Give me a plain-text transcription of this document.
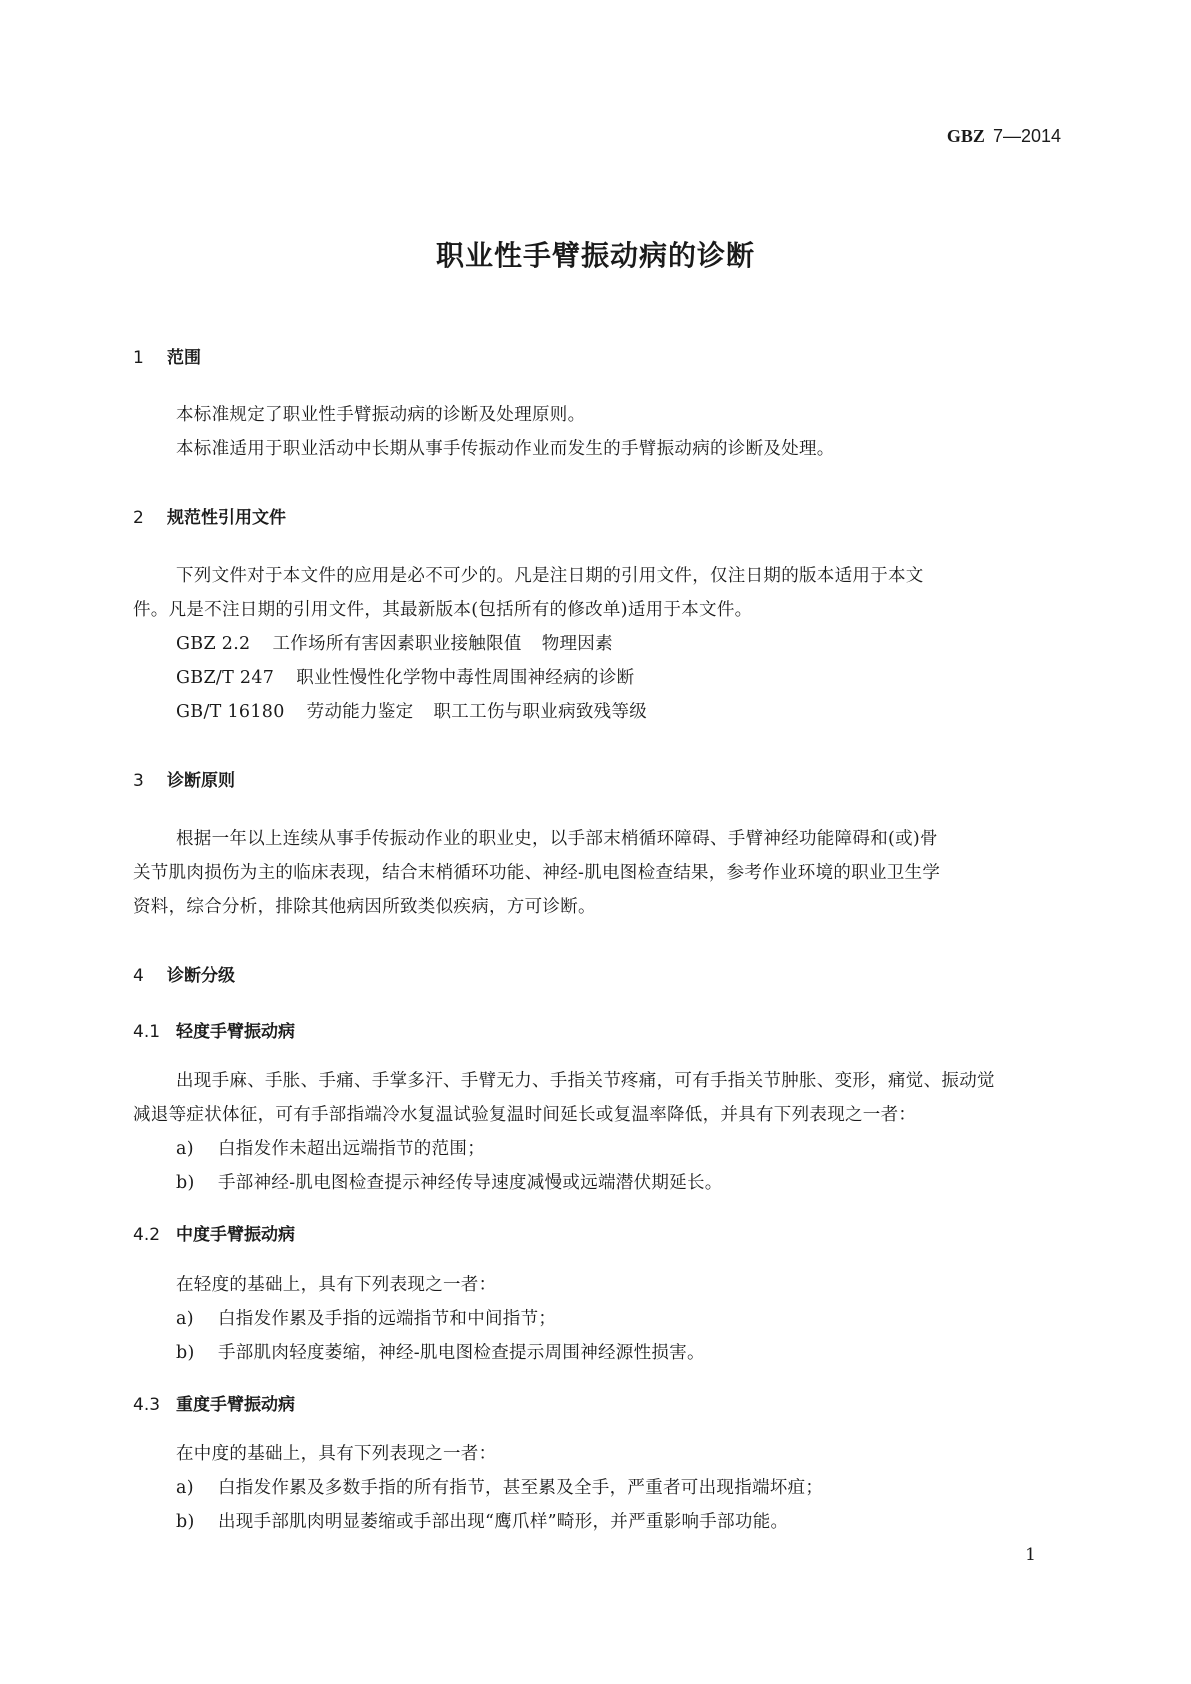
GBZ 7—2014
职业性手臂振动病的诊断
1 范围
本标准规定了职业性手臂振动病的诊断及处理原则。
本标准适用于职业活动中长期从事手传振动作业而发生的手臂振动病的诊断及处理。
2 规范性引用文件
下列文件对于本文件的应用是必不可少的。凡是注日期的引用文件，仅注日期的版本适用于本文
件。凡是不注日期的引用文件，其最新版本(包括所有的修改单)适用于本文件。
GBZ 2.2 工作场所有害因素职业接触限值 物理因素
GBZ/T 247 职业性慢性化学物中毒性周围神经病的诊断
GB/T 16180 劳动能力鉴定 职工工伤与职业病致残等级
3 诊断原则
根据一年以上连续从事手传振动作业的职业史，以手部末梢循环障碍、手臂神经功能障碍和(或)骨
关节肌肉损伤为主的临床表现，结合末梢循环功能、神经-肌电图检查结果，参考作业环境的职业卫生学
资料，综合分析，排除其他病因所致类似疾病，方可诊断。
4 诊断分级
4.1 轻度手臂振动病
出现手麻、手胀、手痛、手掌多汗、手臂无力、手指关节疼痛，可有手指关节肿胀、变形，痛觉、振动觉
减退等症状体征，可有手部指端冷水复温试验复温时间延长或复温率降低，并具有下列表现之一者：
a) 白指发作未超出远端指节的范围；
b) 手部神经-肌电图检查提示神经传导速度减慢或远端潜伏期延长。
4.2 中度手臂振动病
在轻度的基础上，具有下列表现之一者：
a) 白指发作累及手指的远端指节和中间指节；
b) 手部肌肉轻度萎缩，神经-肌电图检查提示周围神经源性损害。
4.3 重度手臂振动病
在中度的基础上，具有下列表现之一者：
a) 白指发作累及多数手指的所有指节，甚至累及全手，严重者可出现指端坏疽；
b) 出现手部肌肉明显萎缩或手部出现“鹰爪样”畸形，并严重影响手部功能。
1
